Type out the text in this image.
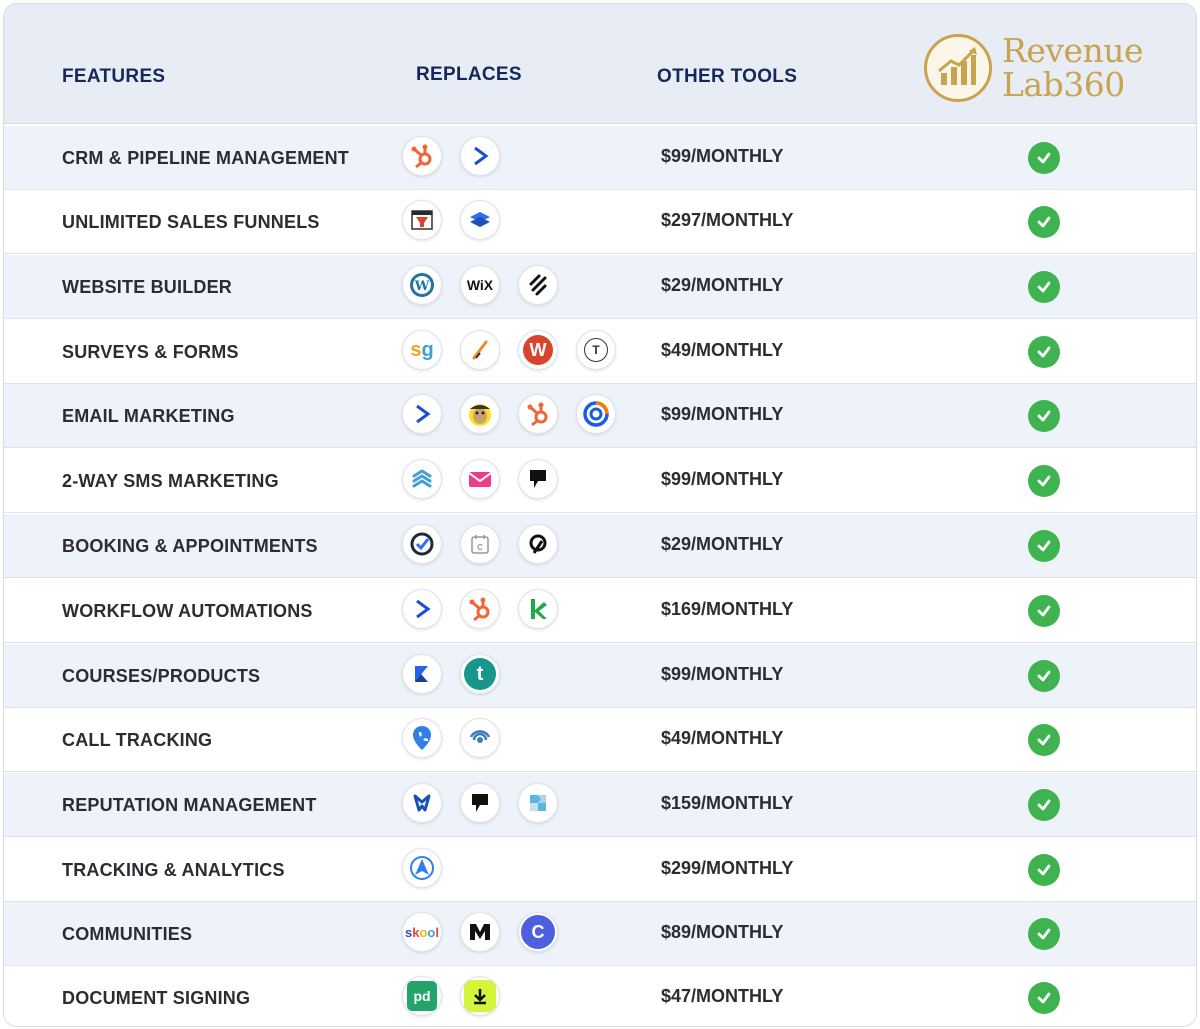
FEATURES	REPLACES	OTHER TOOLS
Revenue
Lab360
CRM & PIPELINE MANAGEMENT	$99/MONTHLY
UNLIMITED SALES FUNNELS	$297/MONTHLY
WEBSITE BUILDER	W	WiX	$29/MONTHLY
SURVEYS & FORMS	sg	W	T	$49/MONTHLY
EMAIL MARKETING	$99/MONTHLY
2-WAY SMS MARKETING	$99/MONTHLY
BOOKING & APPOINTMENTS	C	$29/MONTHLY
WORKFLOW AUTOMATIONS	$169/MONTHLY
COURSES/PRODUCTS	t	$99/MONTHLY
CALL TRACKING	$49/MONTHLY
REPUTATION MANAGEMENT	$159/MONTHLY
TRACKING & ANALYTICS	$299/MONTHLY
COMMUNITIES	skool	C	$89/MONTHLY
DOCUMENT SIGNING	pd	$47/MONTHLY
